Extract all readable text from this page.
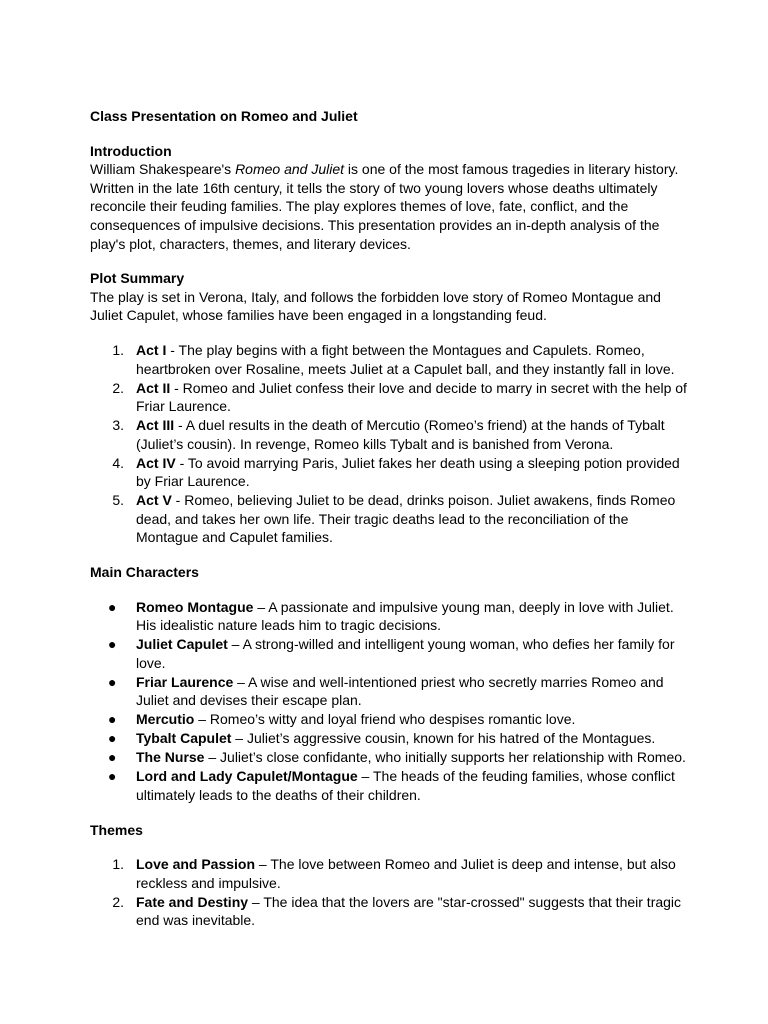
Class Presentation on Romeo and Juliet

Introduction

William Shakespeare's Romeo and Juliet is one of the most famous tragedies in literary history. Written in the late 16th century, it tells the story of two young lovers whose deaths ultimately reconcile their feuding families. The play explores themes of love, fate, conflict, and the consequences of impulsive decisions. This presentation provides an in-depth analysis of the play's plot, characters, themes, and literary devices.

Plot Summary

The play is set in Verona, Italy, and follows the forbidden love story of Romeo Montague and Juliet Capulet, whose families have been engaged in a longstanding feud.

1. Act I - The play begins with a fight between the Montagues and Capulets. Romeo, heartbroken over Rosaline, meets Juliet at a Capulet ball, and they instantly fall in love.
2. Act II - Romeo and Juliet confess their love and decide to marry in secret with the help of Friar Laurence.
3. Act III - A duel results in the death of Mercutio (Romeo’s friend) at the hands of Tybalt (Juliet’s cousin). In revenge, Romeo kills Tybalt and is banished from Verona.
4. Act IV - To avoid marrying Paris, Juliet fakes her death using a sleeping potion provided by Friar Laurence.
5. Act V - Romeo, believing Juliet to be dead, drinks poison. Juliet awakens, finds Romeo dead, and takes her own life. Their tragic deaths lead to the reconciliation of the Montague and Capulet families.

Main Characters

● Romeo Montague – A passionate and impulsive young man, deeply in love with Juliet. His idealistic nature leads him to tragic decisions.
● Juliet Capulet – A strong-willed and intelligent young woman, who defies her family for love.
● Friar Laurence – A wise and well-intentioned priest who secretly marries Romeo and Juliet and devises their escape plan.
● Mercutio – Romeo’s witty and loyal friend who despises romantic love.
● Tybalt Capulet – Juliet’s aggressive cousin, known for his hatred of the Montagues.
● The Nurse – Juliet’s close confidante, who initially supports her relationship with Romeo.
● Lord and Lady Capulet/Montague – The heads of the feuding families, whose conflict ultimately leads to the deaths of their children.

Themes

1. Love and Passion – The love between Romeo and Juliet is deep and intense, but also reckless and impulsive.
2. Fate and Destiny – The idea that the lovers are "star-crossed" suggests that their tragic end was inevitable.
